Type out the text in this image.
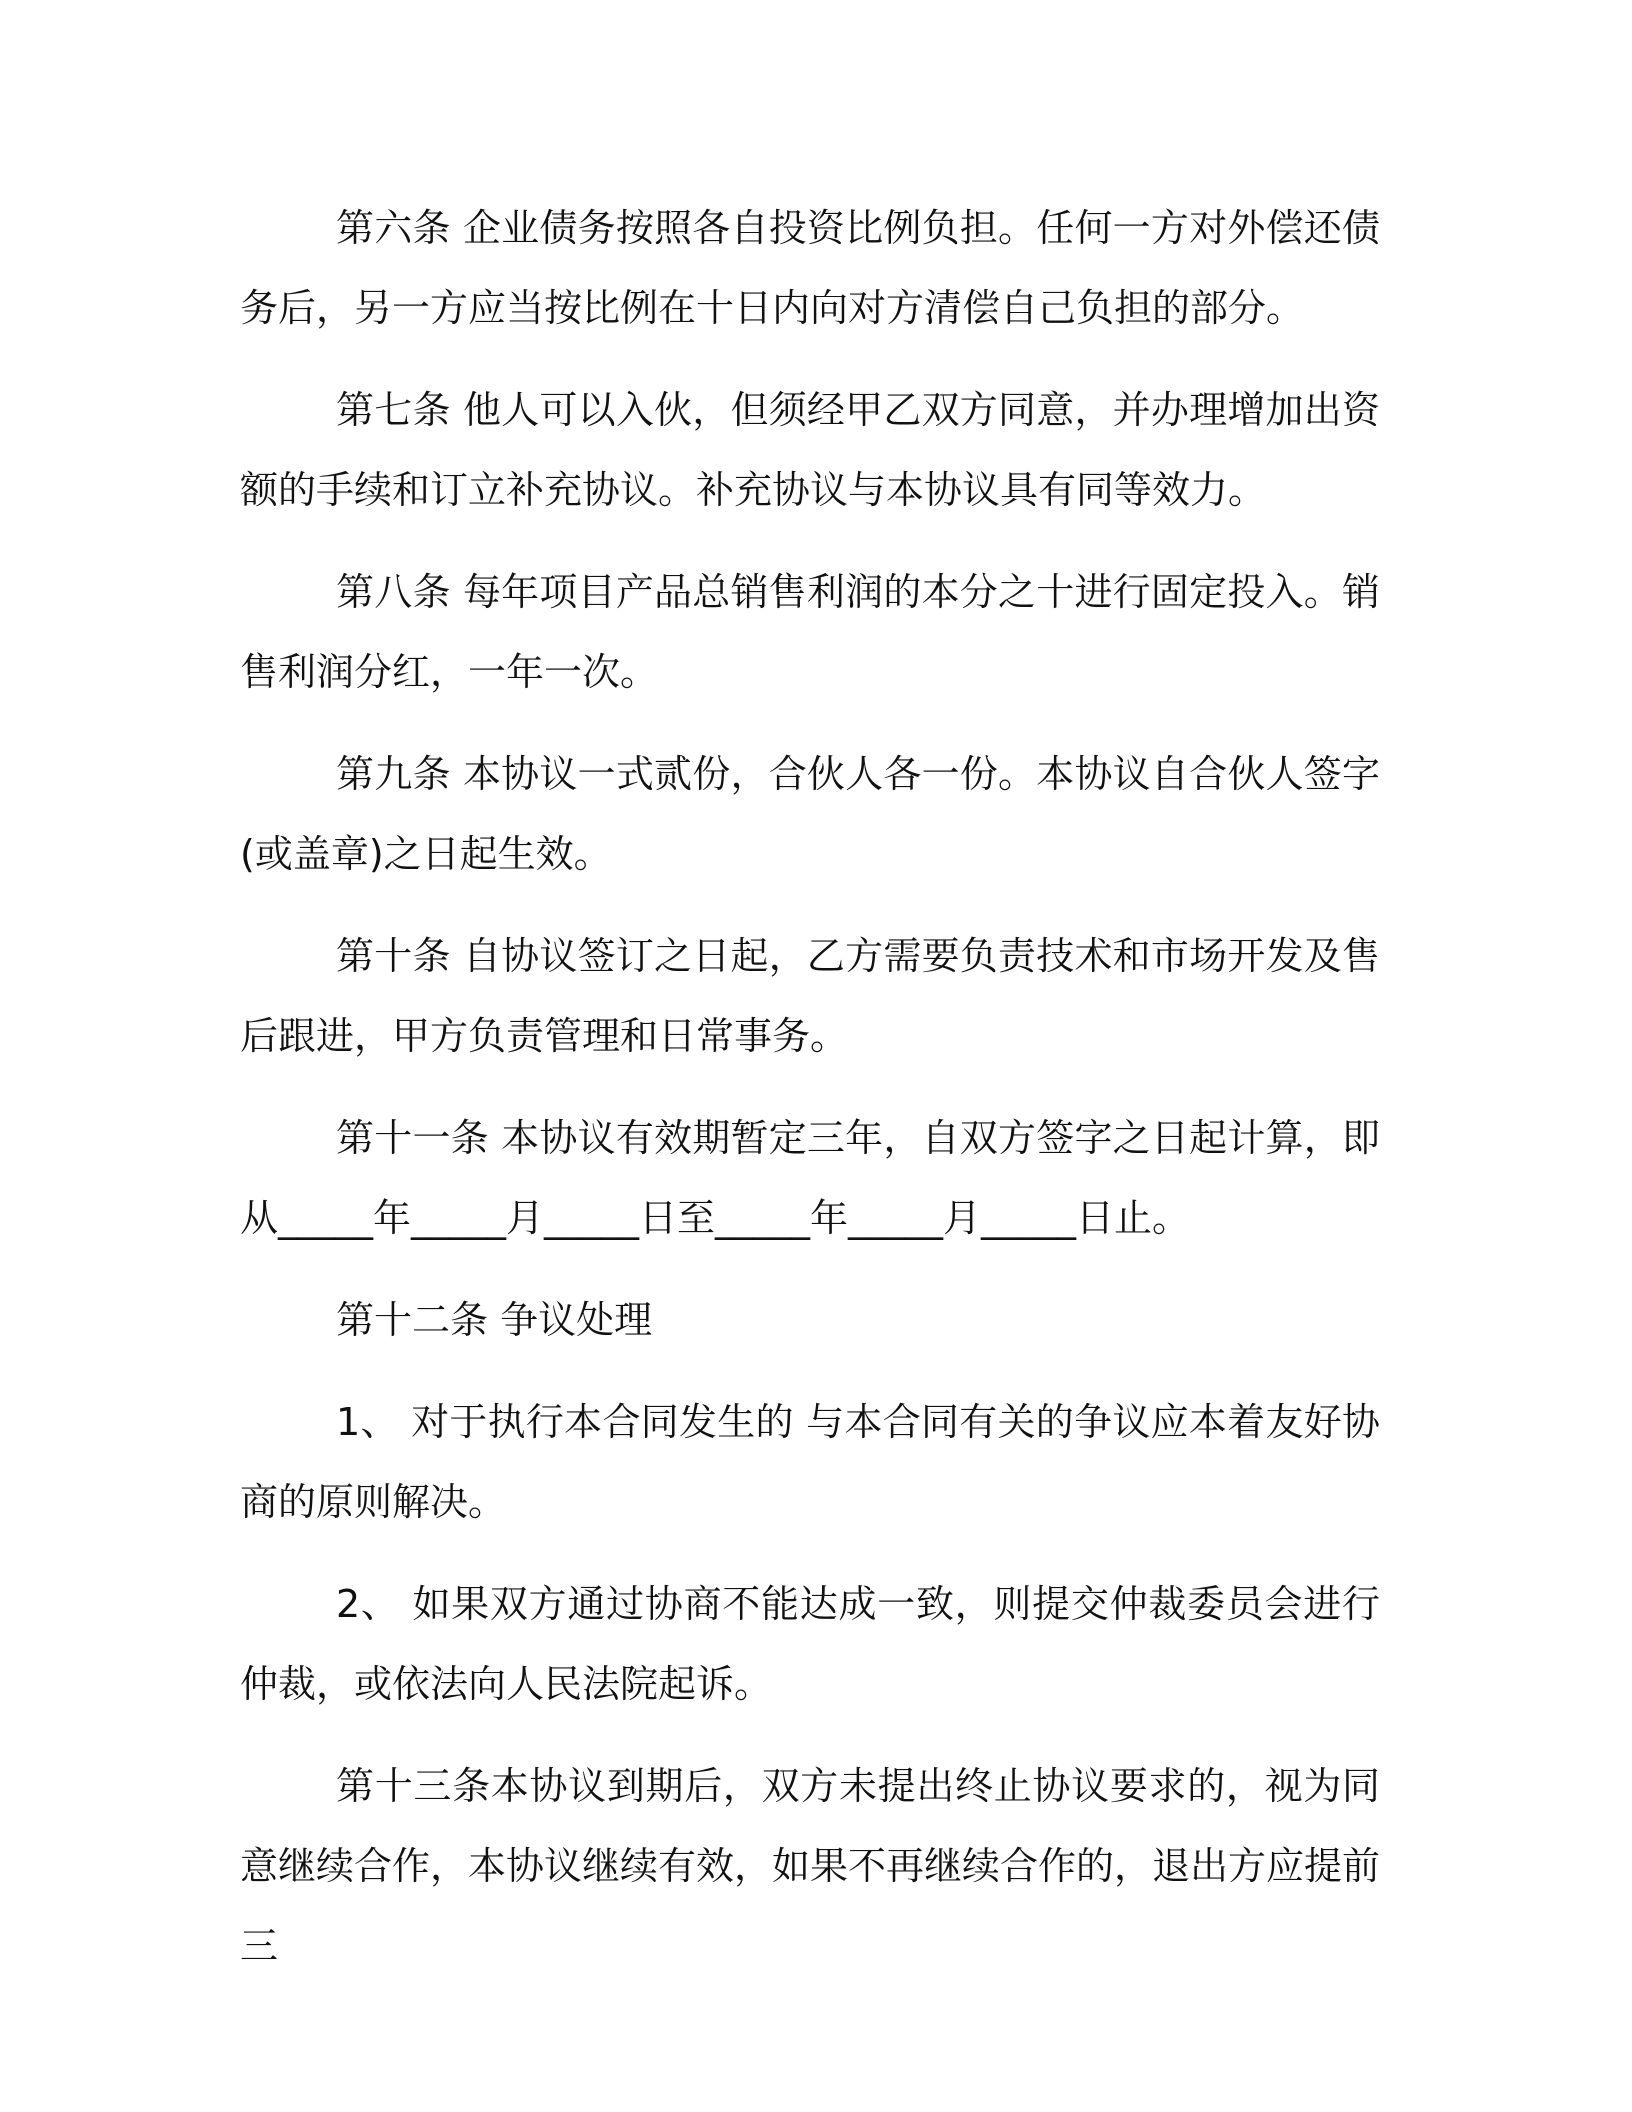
第六条 企业债务按照各自投资比例负担。任何一方对外偿还债务后，另一方应当按比例在十日内向对方清偿自己负担的部分。

第七条 他人可以入伙，但须经甲乙双方同意，并办理增加出资额的手续和订立补充协议。补充协议与本协议具有同等效力。

第八条 每年项目产品总销售利润的本分之十进行固定投入。销售利润分红，一年一次。

第九条 本协议一式贰份，合伙人各一份。本协议自合伙人签字(或盖章)之日起生效。

第十条 自协议签订之日起，乙方需要负责技术和市场开发及售后跟进，甲方负责管理和日常事务。

第十一条 本协议有效期暂定三年，自双方签字之日起计算，即从_____年_____月_____日至_____年_____月_____日止。

第十二条 争议处理

1、 对于执行本合同发生的 与本合同有关的争议应本着友好协商的原则解决。

2、 如果双方通过协商不能达成一致，则提交仲裁委员会进行仲裁，或依法向人民法院起诉。

第十三条本协议到期后，双方未提出终止协议要求的，视为同意继续合作，本协议继续有效，如果不再继续合作的，退出方应提前三
